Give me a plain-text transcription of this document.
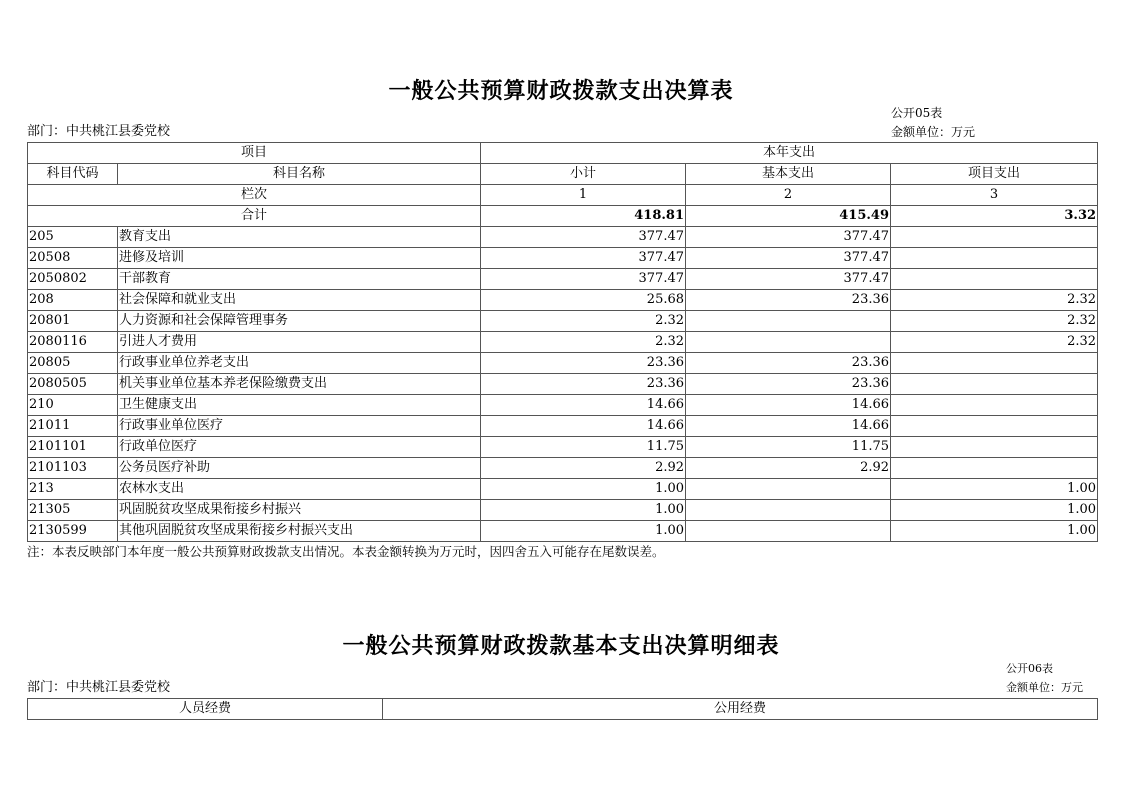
一般公共预算财政拨款支出决算表
公开05表
部门：中共桃江县委党校	金额单位：万元
项目		本年支出		
科目代码	科目名称	小计	基本支出	项目支出
栏次		1	2	3
合计		418.81	415.49	3.32
205	教育支出	377.47	377.47	
20508	进修及培训	377.47	377.47	
2050802	干部教育	377.47	377.47	
208	社会保障和就业支出	25.68	23.36	2.32
20801	人力资源和社会保障管理事务	2.32		2.32
2080116	引进人才费用	2.32		2.32
20805	行政事业单位养老支出	23.36	23.36	
2080505	机关事业单位基本养老保险缴费支出	23.36	23.36	
210	卫生健康支出	14.66	14.66	
21011	行政事业单位医疗	14.66	14.66	
2101101	行政单位医疗	11.75	11.75	
2101103	公务员医疗补助	2.92	2.92	
213	农林水支出	1.00		1.00
21305	巩固脱贫攻坚成果衔接乡村振兴	1.00		1.00
2130599	其他巩固脱贫攻坚成果衔接乡村振兴支出	1.00		1.00
注：本表反映部门本年度一般公共预算财政拨款支出情况。本表金额转换为万元时，因四舍五入可能存在尾数误差。
一般公共预算财政拨款基本支出决算明细表
公开06表
部门：中共桃江县委党校	金额单位：万元
人员经费	公用经费
